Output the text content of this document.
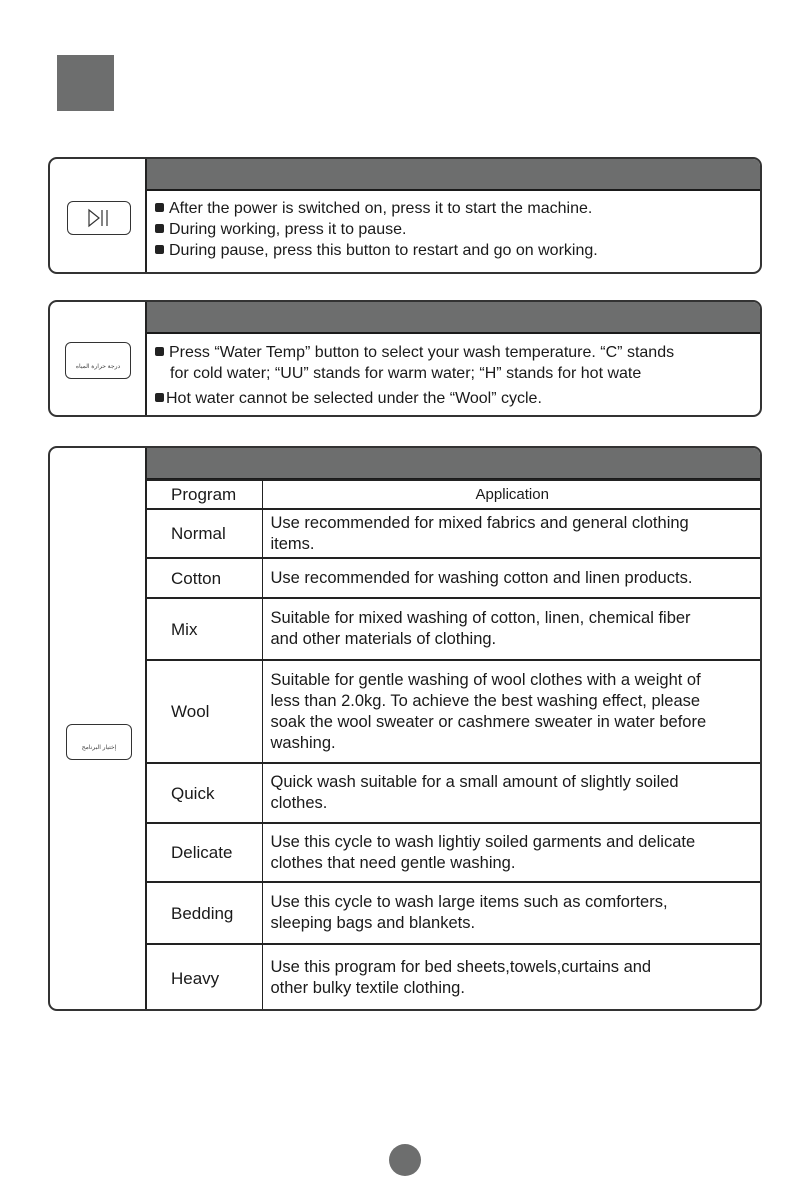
After the power is switched on, press it to start the machine.
During working, press it to pause.
During pause, press this button to restart and go on working.
درجة حرارة المياه
Press “Water Temp” button to select your wash temperature. “C” stands
for cold water; “UU” stands for warm water; “H” stands for hot wate
Hot water cannot be selected under the “Wool” cycle.
إختيار البرنامج
Program	Application
Normal	Use recommended for mixed fabrics and general clothing
items.

Cotton	Use recommended for washing cotton and linen products.

Mix	Suitable for mixed washing of cotton, linen, chemical fiber
and other materials of clothing.

Wool	Suitable for gentle washing of wool clothes with a weight of
less than 2.0kg. To achieve the best washing effect, please
soak the wool sweater or cashmere sweater in water before
washing.

Quick	Quick wash suitable for a small amount of slightly soiled
clothes.

Delicate	Use this cycle to wash lightiy soiled garments and delicate
clothes that need gentle washing.

Bedding	Use this cycle to wash large items such as comforters,
sleeping bags and blankets.

Heavy	Use this program for bed sheets,towels,curtains and
other bulky textile clothing.
